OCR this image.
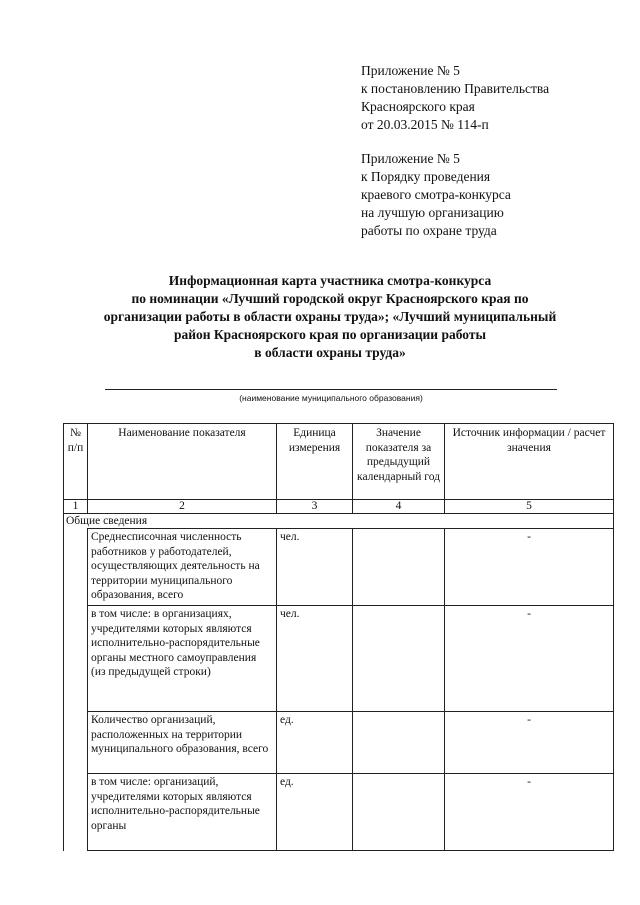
Приложение № 5
к постановлению Правительства
Красноярского края
от 20.03.2015 № 114-п
Приложение № 5
к Порядку проведения
краевого смотра-конкурса
на лучшую организацию
работы по охране труда
Информационная карта участника смотра-конкурса
по номинации «Лучший городской округ Красноярского края по
организации работы в области охраны труда»; «Лучший муниципальный
район Красноярского края по организации работы
в области охраны труда»
(наименование муниципального образования)
№ п/п	Наименование показателя	Единица измерения	Значение показателя за предыдущий календарный год	Источник информации / расчет значения
1	2	3	4	5
Общие сведения				
	Среднесписочная численность работников у работодателей, осуществляющих деятельность на территории муниципального образования, всего	чел.		-
	в том числе: в организациях, учредителями которых являются исполнительно-распорядительные органы местного самоуправления (из предыдущей строки)	чел.		-
	Количество организаций, расположенных на территории муниципального образования, всего	ед.		-
	в том числе: организаций, учредителями которых являются исполнительно-распорядительные органы	ед.		-
